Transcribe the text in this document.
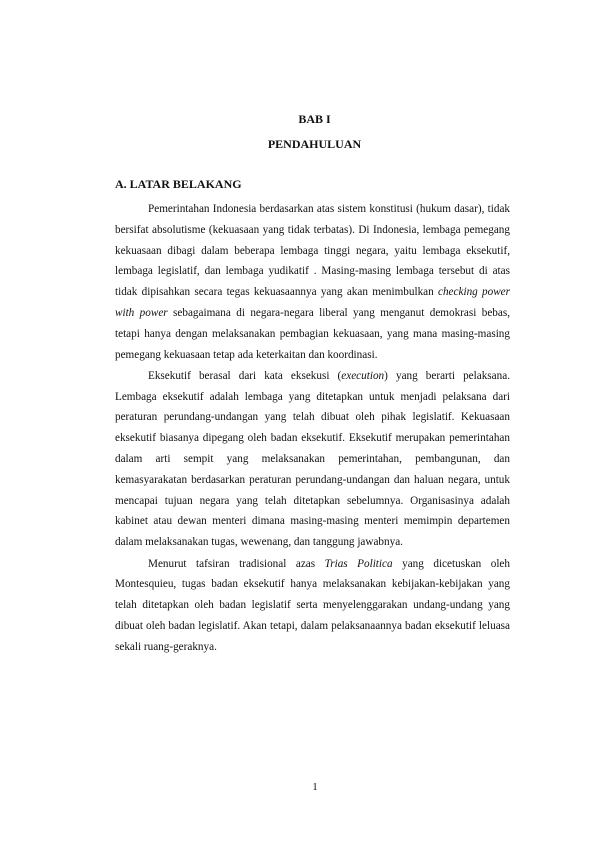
BAB I

PENDAHULUAN

A. LATAR BELAKANG

Pemerintahan Indonesia berdasarkan atas sistem konstitusi (hukum dasar), tidak bersifat absolutisme (kekuasaan yang tidak terbatas). Di Indonesia, lembaga pemegang kekuasaan dibagi dalam beberapa lembaga tinggi negara, yaitu lembaga eksekutif, lembaga legislatif, dan lembaga yudikatif . Masing-masing lembaga tersebut di atas tidak dipisahkan secara tegas kekuasaannya yang akan menimbulkan checking power with power sebagaimana di negara-negara liberal yang menganut demokrasi bebas, tetapi hanya dengan melaksanakan pembagian kekuasaan, yang mana masing-masing pemegang kekuasaan tetap ada keterkaitan dan koordinasi.

Eksekutif berasal dari kata eksekusi (execution) yang berarti pelaksana. Lembaga eksekutif adalah lembaga yang ditetapkan untuk menjadi pelaksana dari peraturan perundang-undangan yang telah dibuat oleh pihak legislatif. Kekuasaan eksekutif biasanya dipegang oleh badan eksekutif. Eksekutif merupakan pemerintahan dalam arti sempit yang melaksanakan pemerintahan, pembangunan, dan kemasyarakatan berdasarkan peraturan perundang-undangan dan haluan negara, untuk mencapai tujuan negara yang telah ditetapkan sebelumnya. Organisasinya adalah kabinet atau dewan menteri dimana masing-masing menteri memimpin departemen dalam melaksanakan tugas, wewenang, dan tanggung jawabnya.

Menurut tafsiran tradisional azas Trias Politica yang dicetuskan oleh Montesquieu, tugas badan eksekutif hanya melaksanakan kebijakan-kebijakan yang telah ditetapkan oleh badan legislatif serta menyelenggarakan undang-undang yang dibuat oleh badan legislatif. Akan tetapi, dalam pelaksanaannya badan eksekutif leluasa sekali ruang-geraknya.

1
